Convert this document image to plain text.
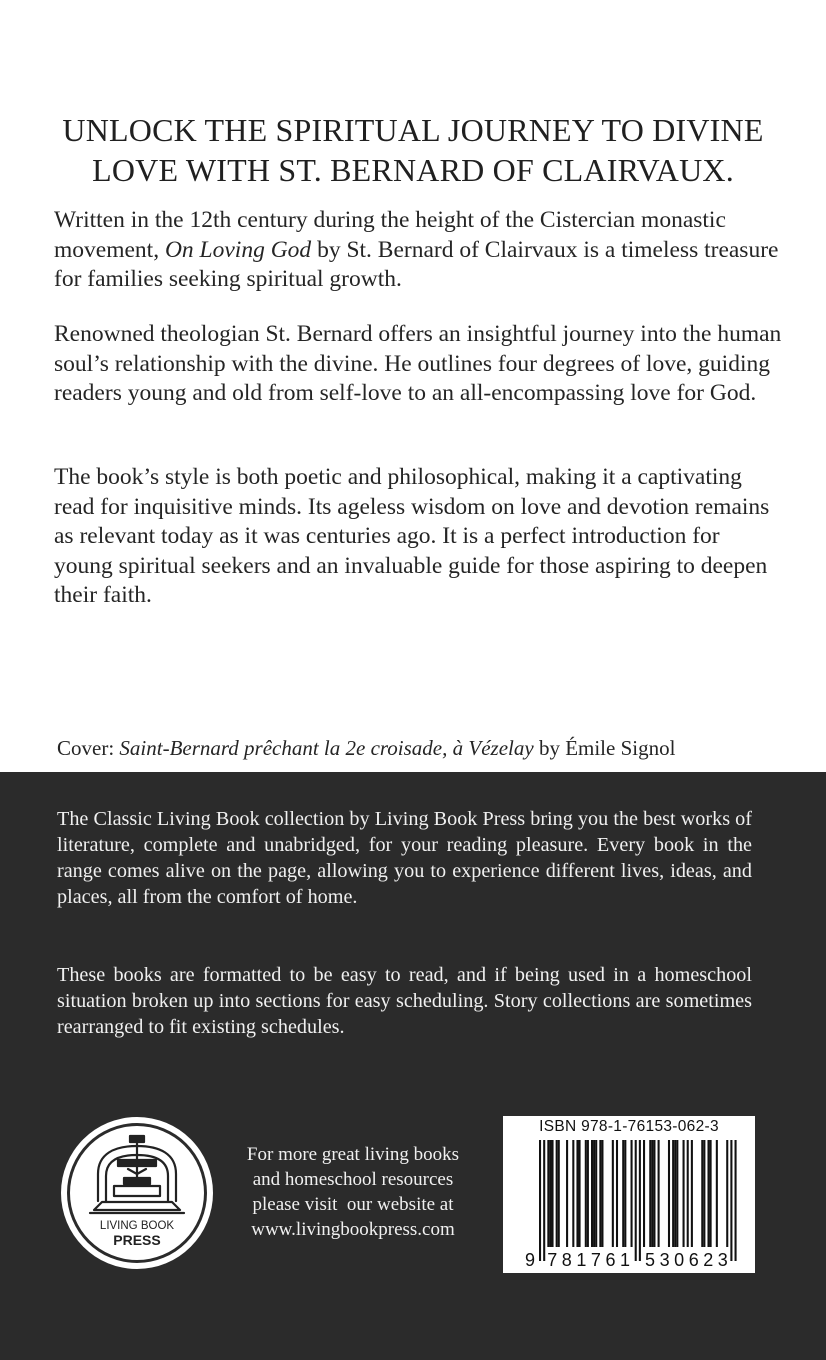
UNLOCK THE SPIRITUAL JOURNEY TO DIVINE LOVE WITH ST. BERNARD OF CLAIRVAUX.
Written in the 12th century during the height of the Cistercian monastic movement, On Loving God by St. Bernard of Clairvaux is a timeless treasure for families seeking spiritual growth.
Renowned theologian St. Bernard offers an insightful journey into the human soul’s relationship with the divine. He outlines four degrees of love, guiding readers young and old from self-love to an all-encompassing love for God.
The book’s style is both poetic and philosophical, making it a captivating read for inquisitive minds. Its ageless wisdom on love and devotion remains as relevant today as it was centuries ago. It is a perfect introduction for young spiritual seekers and an invaluable guide for those aspiring to deepen their faith.
Cover: Saint-Bernard prêchant la 2e croisade, à Vézelay by Émile Signol
The Classic Living Book collection by Living Book Press bring you the best works of literature, complete and unabridged, for your reading pleasure. Every book in the range comes alive on the page, allowing you to experience different lives, ideas, and places, all from the comfort of home.
These books are formatted to be easy to read, and if being used in a homeschool situation broken up into sections for easy scheduling. Story collections are sometimes rearranged to fit existing schedules.
LIVING BOOK
PRESS
For more great living books
and homeschool resources
please visit  our website at
www.livingbookpress.com
ISBN 978-1-76153-062-3
9 7 8 1 7 6 1 5 3 0 6 2 3
